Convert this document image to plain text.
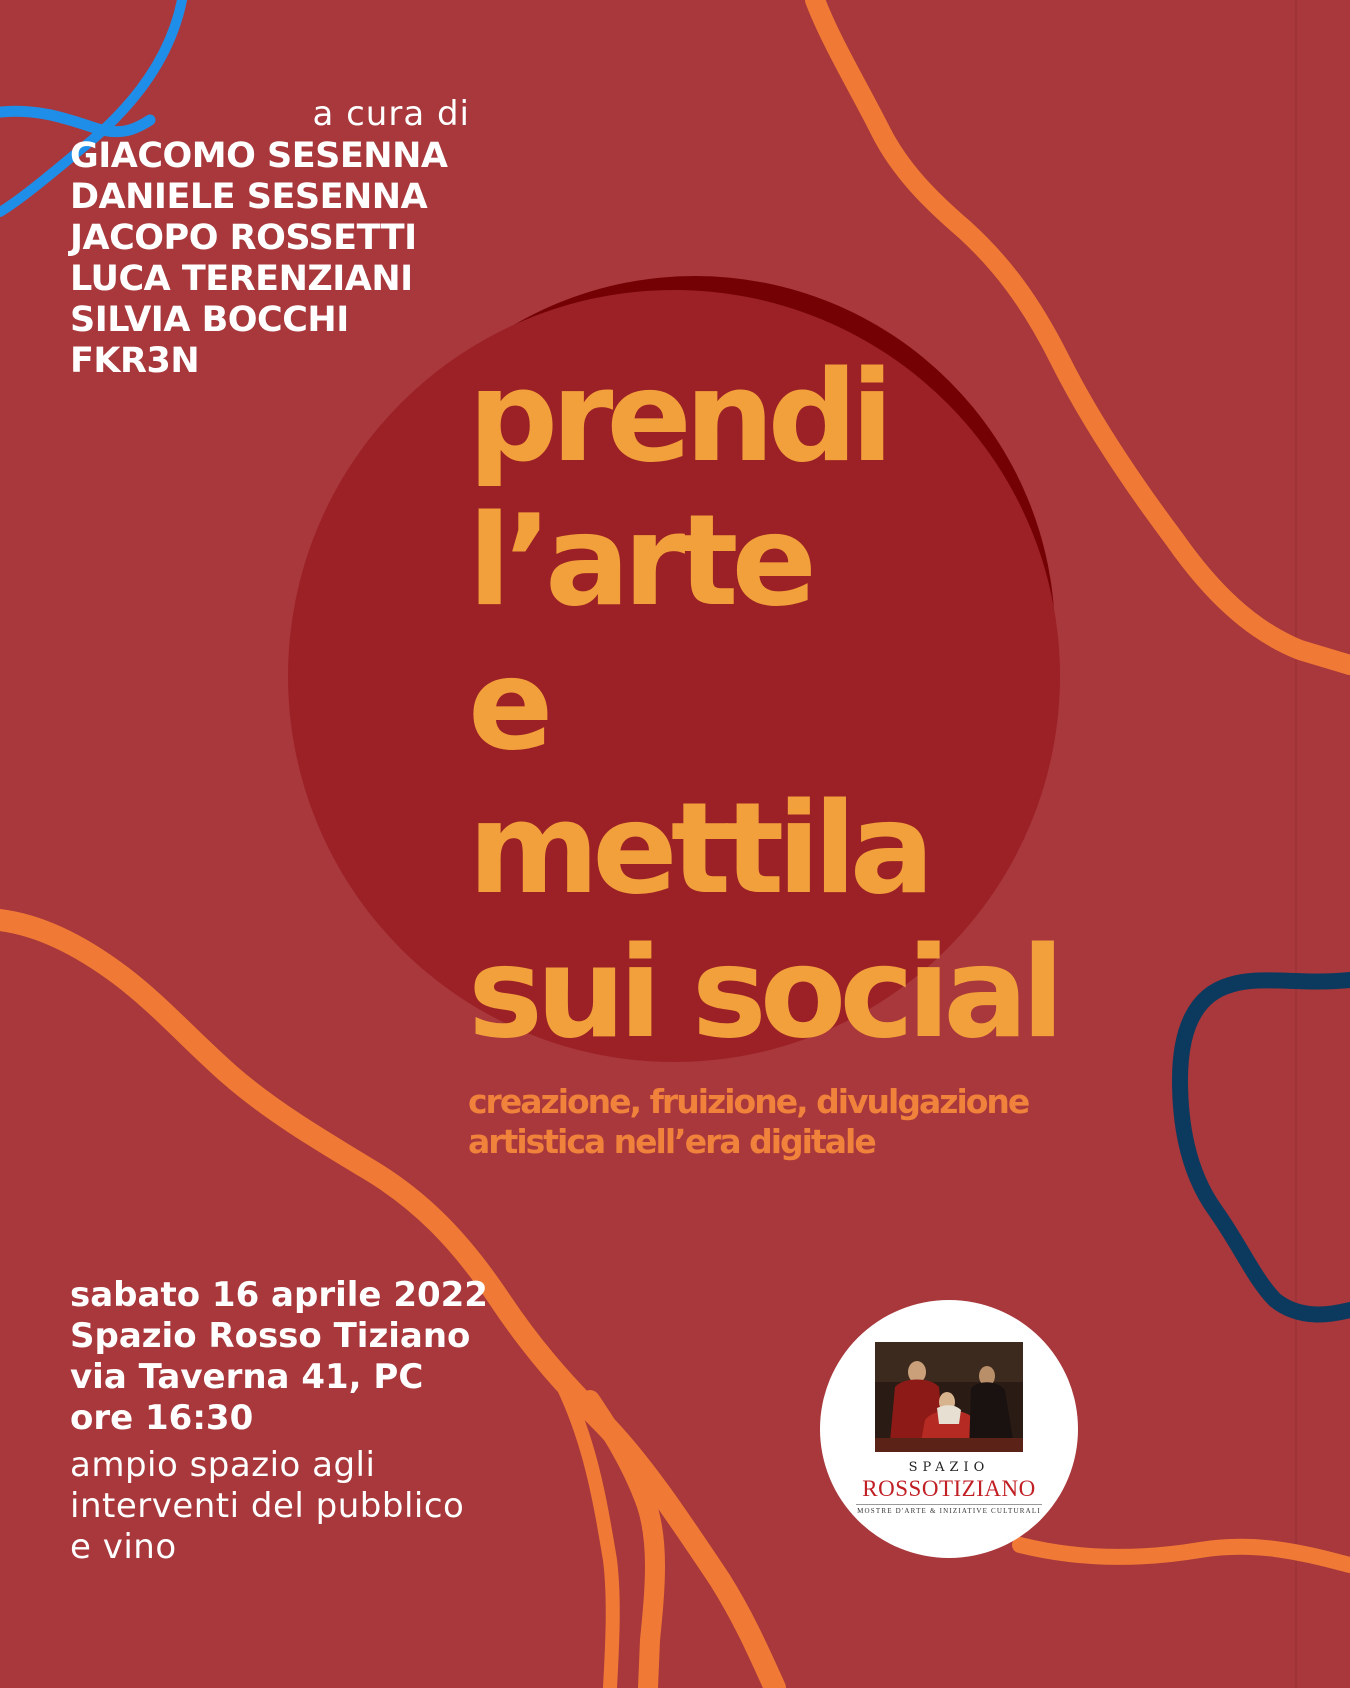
a cura di
GIACOMO SESENNA
DANIELE SESENNA
JACOPO ROSSETTI
LUCA TERENZIANI
SILVIA BOCCHI
FKR3N	prendi
l’arte
e
mettila
sui social
creazione, fruizione, divulgazione
artistica nell’era digitale
sabato 16 aprile 2022
Spazio Rosso Tiziano
via Taverna 41, PC
ore 16:30
ampio spazio agli
interventi del pubblico
e vino
SPAZIO
ROSSOTIZIANO
MOSTRE D'ARTE & INIZIATIVE CULTURALI
